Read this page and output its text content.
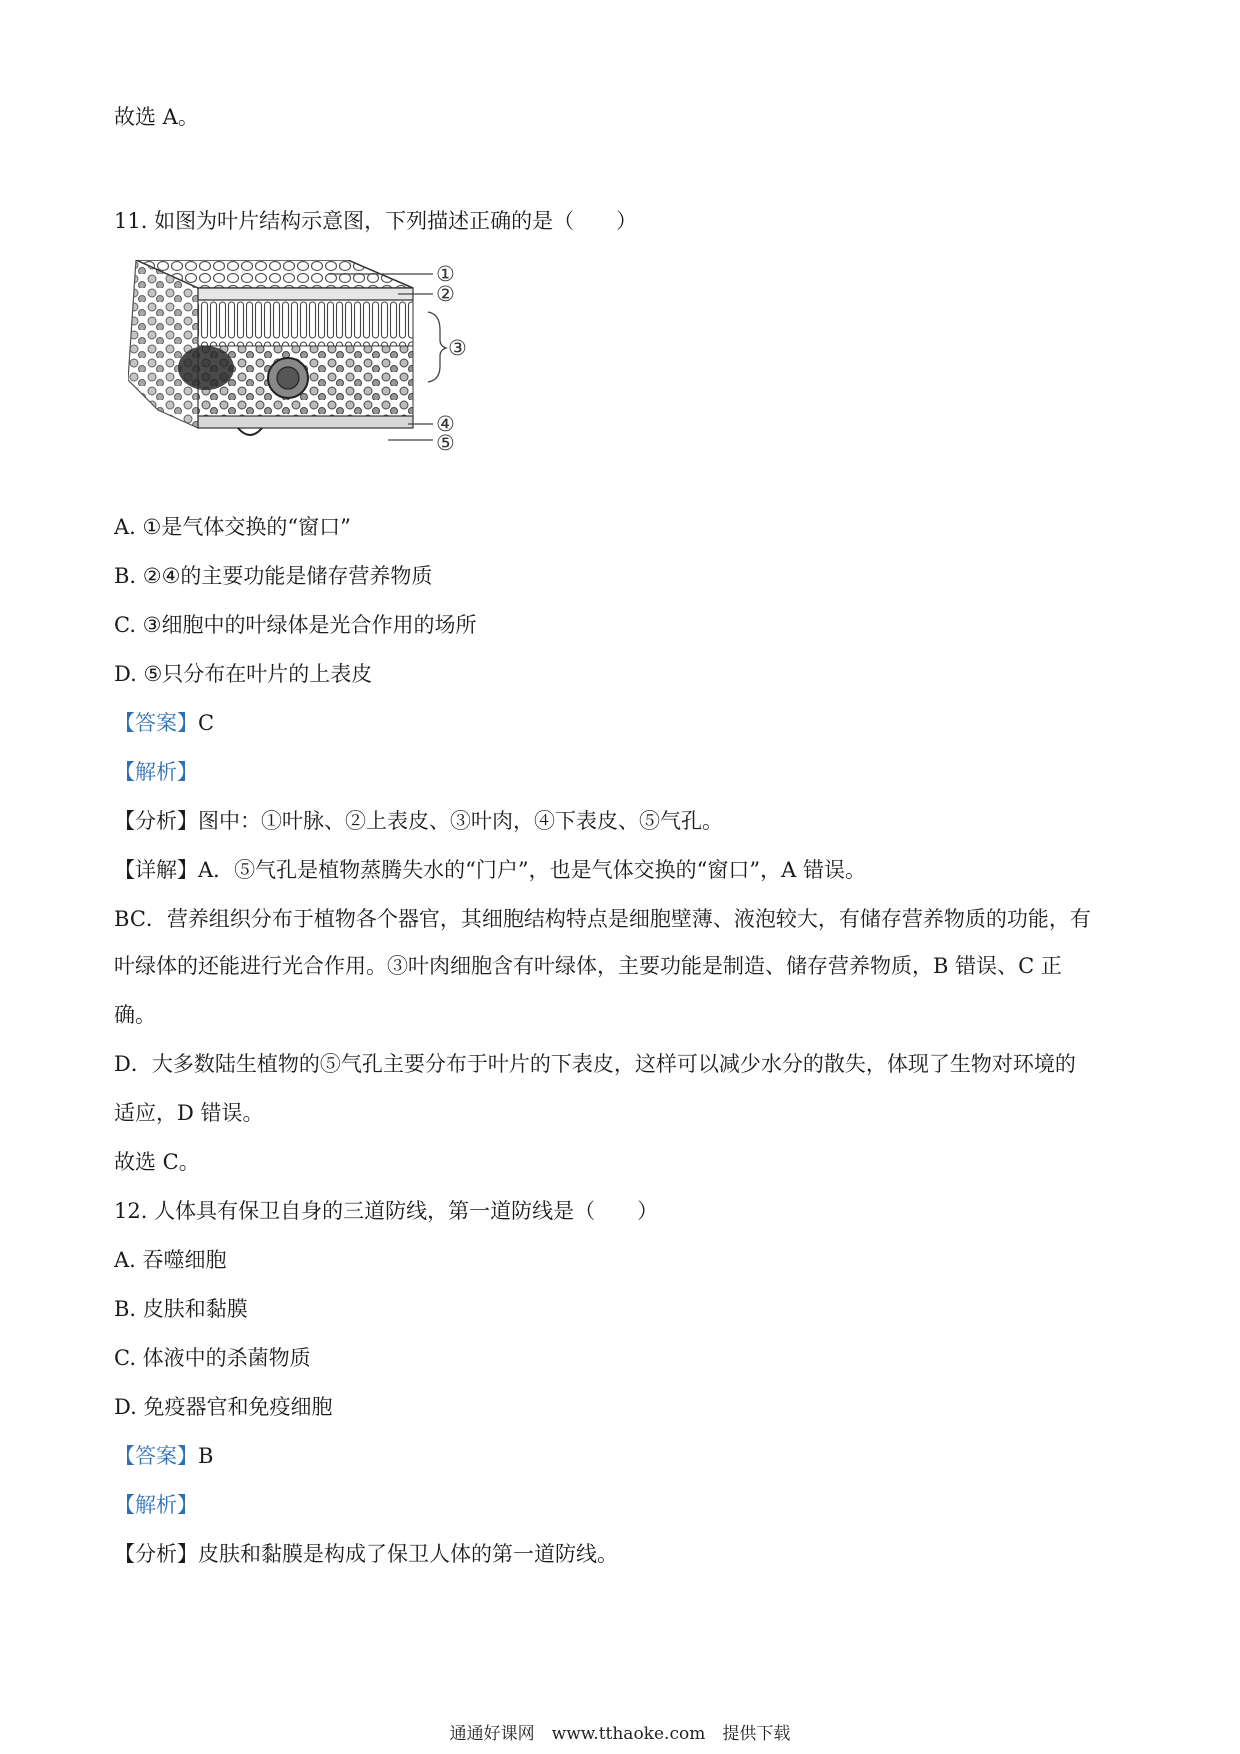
故选 A。
11. 如图为叶片结构示意图，下列描述正确的是（　　）
①
②
③
④
⑤
A. ①是气体交换的“窗口”
B. ②④的主要功能是储存营养物质
C. ③细胞中的叶绿体是光合作用的场所
D. ⑤只分布在叶片的上表皮
【答案】C
【解析】
【分析】图中：①叶脉、②上表皮、③叶肉，④下表皮、⑤气孔。
【详解】A．⑤气孔是植物蒸腾失水的“门户”，也是气体交换的“窗口”，A 错误。
BC．营养组织分布于植物各个器官，其细胞结构特点是细胞壁薄、液泡较大，有储存营养物质的功能，有
叶绿体的还能进行光合作用。③叶肉细胞含有叶绿体，主要功能是制造、储存营养物质，B 错误、C 正
确。
D．大多数陆生植物的⑤气孔主要分布于叶片的下表皮，这样可以减少水分的散失，体现了生物对环境的
适应，D 错误。
故选 C。
12. 人体具有保卫自身的三道防线，第一道防线是（　　）
A. 吞噬细胞
B. 皮肤和黏膜
C. 体液中的杀菌物质
D. 免疫器官和免疫细胞
【答案】B
【解析】
【分析】皮肤和黏膜是构成了保卫人体的第一道防线。
通通好课网　www.tthaoke.com　提供下载
